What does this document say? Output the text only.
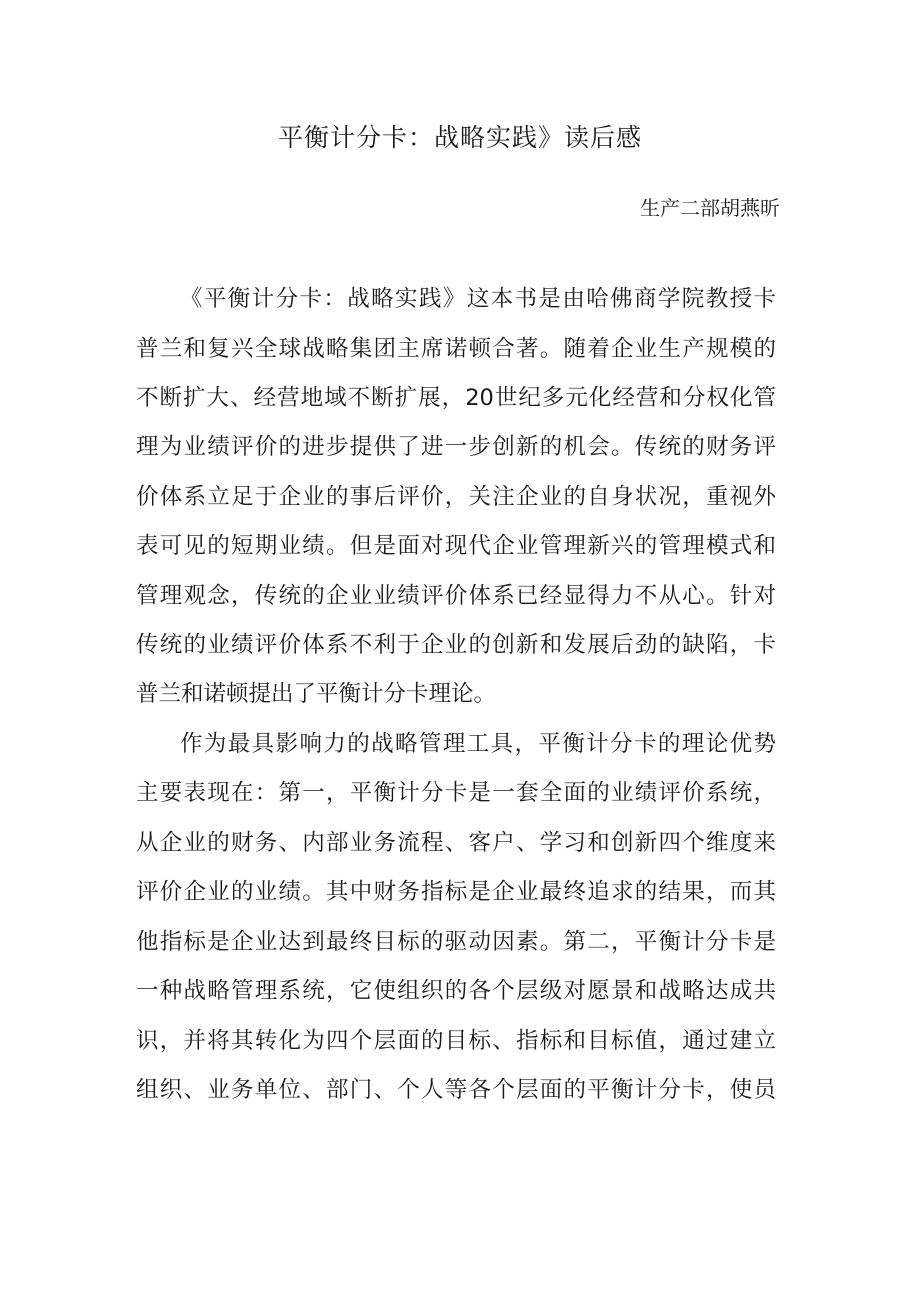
平衡计分卡：战略实践》读后感

生产二部胡燕昕

《平衡计分卡：战略实践》这本书是由哈佛商学院教授卡

普兰和复兴全球战略集团主席诺顿合著。随着企业生产规模的

不断扩大、经营地域不断扩展，20世纪多元化经营和分权化管

理为业绩评价的进步提供了进一步创新的机会。传统的财务评

价体系立足于企业的事后评价，关注企业的自身状况，重视外

表可见的短期业绩。但是面对现代企业管理新兴的管理模式和

管理观念，传统的企业业绩评价体系已经显得力不从心。针对

传统的业绩评价体系不利于企业的创新和发展后劲的缺陷，卡

普兰和诺顿提出了平衡计分卡理论。

作为最具影响力的战略管理工具，平衡计分卡的理论优势

主要表现在：第一，平衡计分卡是一套全面的业绩评价系统，

从企业的财务、内部业务流程、客户、学习和创新四个维度来

评价企业的业绩。其中财务指标是企业最终追求的结果，而其

他指标是企业达到最终目标的驱动因素。第二，平衡计分卡是

一种战略管理系统，它使组织的各个层级对愿景和战略达成共

识，并将其转化为四个层面的目标、指标和目标值，通过建立

组织、业务单位、部门、个人等各个层面的平衡计分卡，使员
